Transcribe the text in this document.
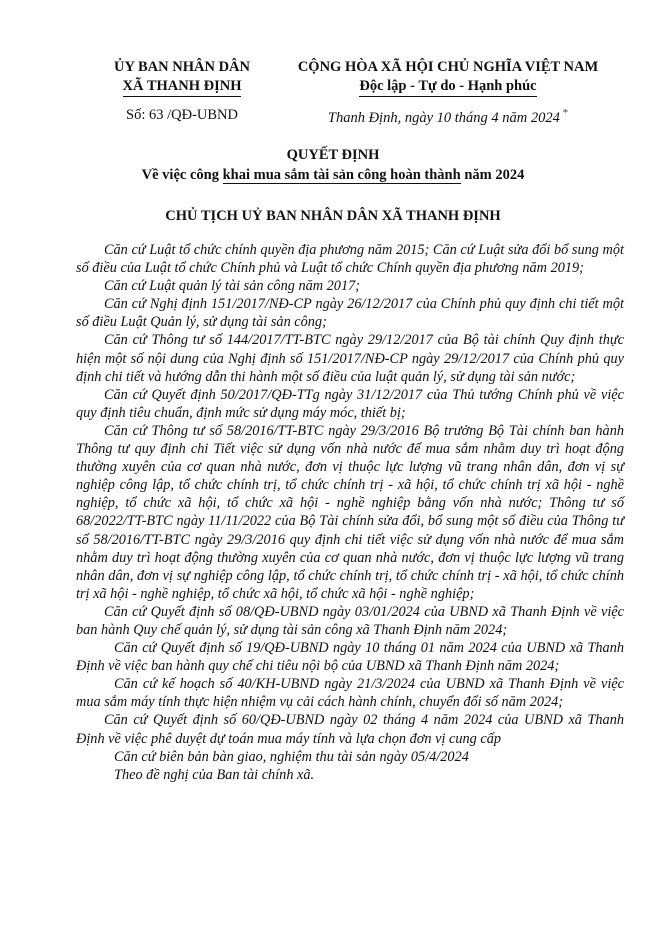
ỦY BAN NHÂN DÂN
XÃ THANH ĐỊNH
CỘNG HÒA XÃ HỘI CHỦ NGHĨA VIỆT NAM
Độc lập - Tự do - Hạnh phúc
Số: 63 /QĐ-UBND	Thanh Định, ngày 10 tháng 4 năm 2024 *
QUYẾT ĐỊNH
Về việc công khai mua sắm tài sản công hoàn thành năm 2024
CHỦ TỊCH UỶ BAN NHÂN DÂN XÃ THANH ĐỊNH

Căn cứ Luật tổ chức chính quyền địa phương năm 2015; Căn cứ Luật sửa đổi bổ sung một số điều của Luật tổ chức Chính phủ và Luật tổ chức Chính quyền địa phương năm 2019;

Căn cứ Luật quản lý tài sản công năm 2017;

Căn cứ Nghị định 151/2017/NĐ-CP ngày 26/12/2017 của Chính phủ quy định chi tiết một số điều Luật Quản lý, sử dụng tài sản công;

Căn cứ Thông tư số 144/2017/TT-BTC ngày 29/12/2017 của Bộ tài chính Quy định thực hiện một số nội dung của Nghị định số 151/2017/NĐ-CP ngày 29/12/2017 của Chính phủ quy định chi tiết và hướng dẫn thi hành một số điều của luật quản lý, sử dụng tài sản nước;

Căn cứ Quyết định 50/2017/QĐ-TTg ngày 31/12/2017 của Thủ tướng Chính phủ về việc quy định tiêu chuẩn, định mức sử dụng máy móc, thiết bị;

Căn cứ Thông tư số 58/2016/TT-BTC ngày 29/3/2016 Bộ trưởng Bộ Tài chính ban hành Thông tư quy định chi Tiết việc sử dụng vốn nhà nước để mua sắm nhằm duy trì hoạt động thường xuyên của cơ quan nhà nước, đơn vị thuộc lực lượng vũ trang nhân dân, đơn vị sự nghiệp công lập, tổ chức chính trị, tổ chức chính trị - xã hội, tổ chức chính trị xã hội - nghề nghiệp, tổ chức xã hội, tổ chức xã hội - nghề nghiệp bằng vốn nhà nước; Thông tư số 68/2022/TT-BTC ngày 11/11/2022 của Bộ Tài chính sửa đổi, bổ sung một số điều của Thông tư số 58/2016/TT-BTC ngày 29/3/2016 quy định chi tiết việc sử dụng vốn nhà nước để mua sắm nhằm duy trì hoạt động thường xuyên của cơ quan nhà nước, đơn vị thuộc lực lượng vũ trang nhân dân, đơn vị sự nghiệp công lập, tổ chức chính trị, tổ chức chính trị - xã hội, tổ chức chính trị xã hội - nghề nghiệp, tổ chức xã hội, tổ chức xã hội - nghề nghiệp;

Căn cứ Quyết định số 08/QĐ-UBND ngày 03/01/2024 của UBND xã Thanh Định về việc ban hành Quy chế quản lý, sử dụng tài sản công xã Thanh Định năm 2024;

Căn cứ Quyết định số 19/QĐ-UBND ngày 10 tháng 01 năm 2024 của UBND xã Thanh Định về việc ban hành quy chế chi tiêu nội bộ của UBND xã Thanh Định năm 2024;

Căn cứ kế hoạch số 40/KH-UBND ngày 21/3/2024 của UBND xã Thanh Định về việc mua sắm máy tính thực hiện nhiệm vụ cải cách hành chính, chuyển đổi số năm 2024;

Căn cứ Quyết định số 60/QĐ-UBND ngày 02 tháng 4 năm 2024 của UBND xã Thanh Định về việc phê duyệt dự toán mua máy tính và lựa chọn đơn vị cung cấp

Căn cứ biên bản bàn giao, nghiệm thu tài sản ngày 05/4/2024

Theo đề nghị của Ban tài chính xã.
